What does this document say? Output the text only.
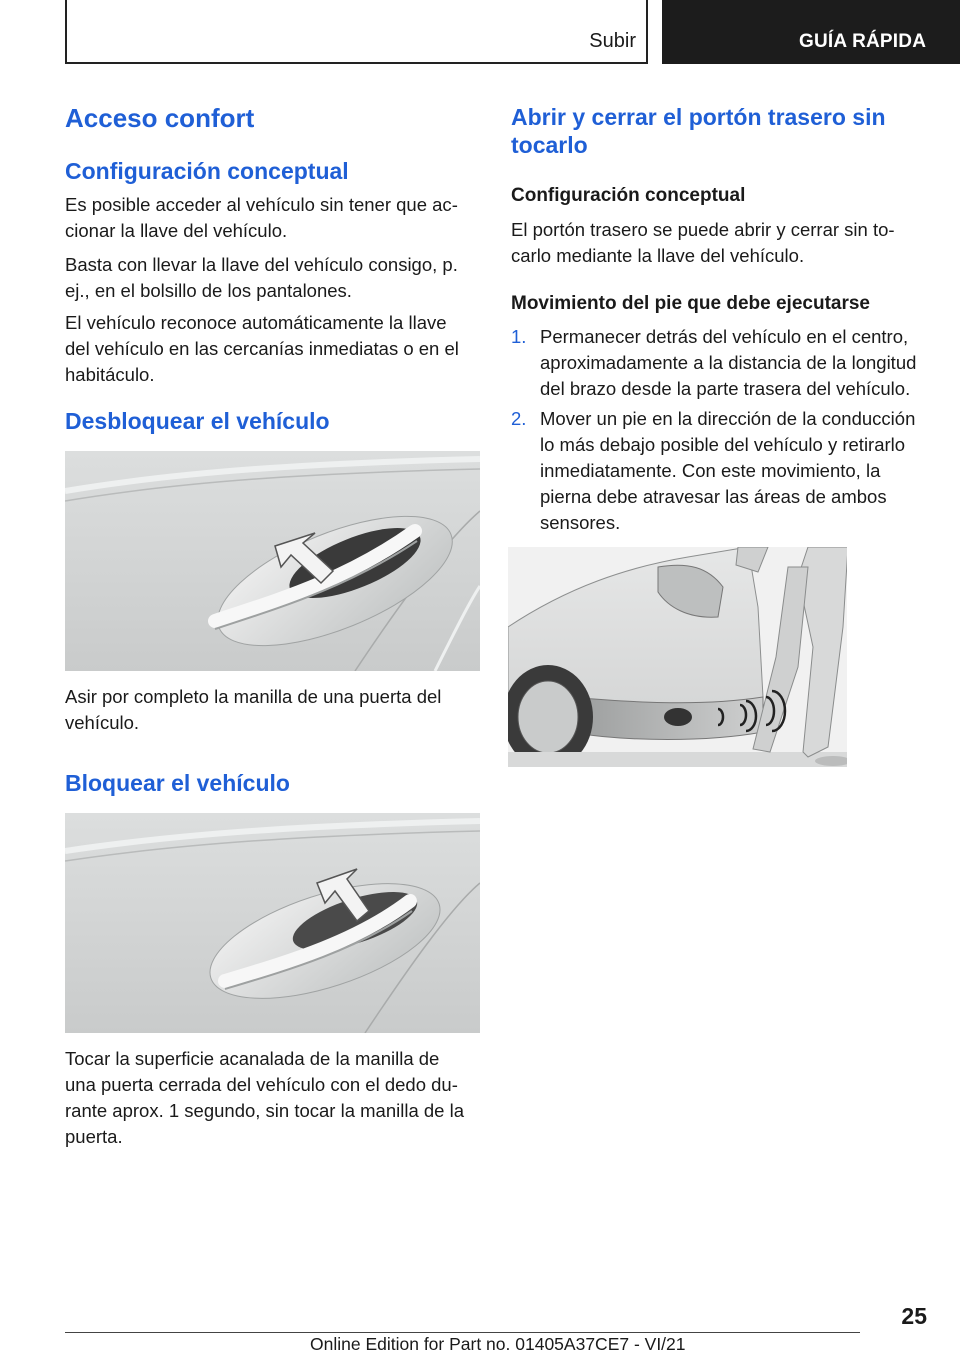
Subir	GUÍA RÁPIDA
Acceso confort
Configuración conceptual

Es posible acceder al vehículo sin tener que accionar la llave del vehículo.

Basta con llevar la llave del vehículo consigo, p. ej., en el bolsillo de los pantalones.

El vehículo reconoce automáticamente la llave del vehículo en las cercanías inmediatas o en el habitáculo.

Desbloquear el vehículo

Asir por completo la manilla de una puerta del vehículo.

Bloquear el vehículo

Tocar la superficie acanalada de la manilla de una puerta cerrada del vehículo con el dedo durante aprox. 1 segundo, sin tocar la manilla de la puerta.

Abrir y cerrar el portón trasero sin tocarlo
Configuración conceptual

El portón trasero se puede abrir y cerrar sin tocarlo mediante la llave del vehículo.

Movimiento del pie que debe ejecutarse
1. Permanecer detrás del vehículo en el centro, aproximadamente a la distancia de la longitud del brazo desde la parte trasera del vehículo.
2. Mover un pie en la dirección de la conducción lo más debajo posible del vehículo y retirarlo inmediatamente. Con este movimiento, la pierna debe atravesar las áreas de ambos sensores.
25
Online Edition for Part no. 01405A37CE7 - VI/21
